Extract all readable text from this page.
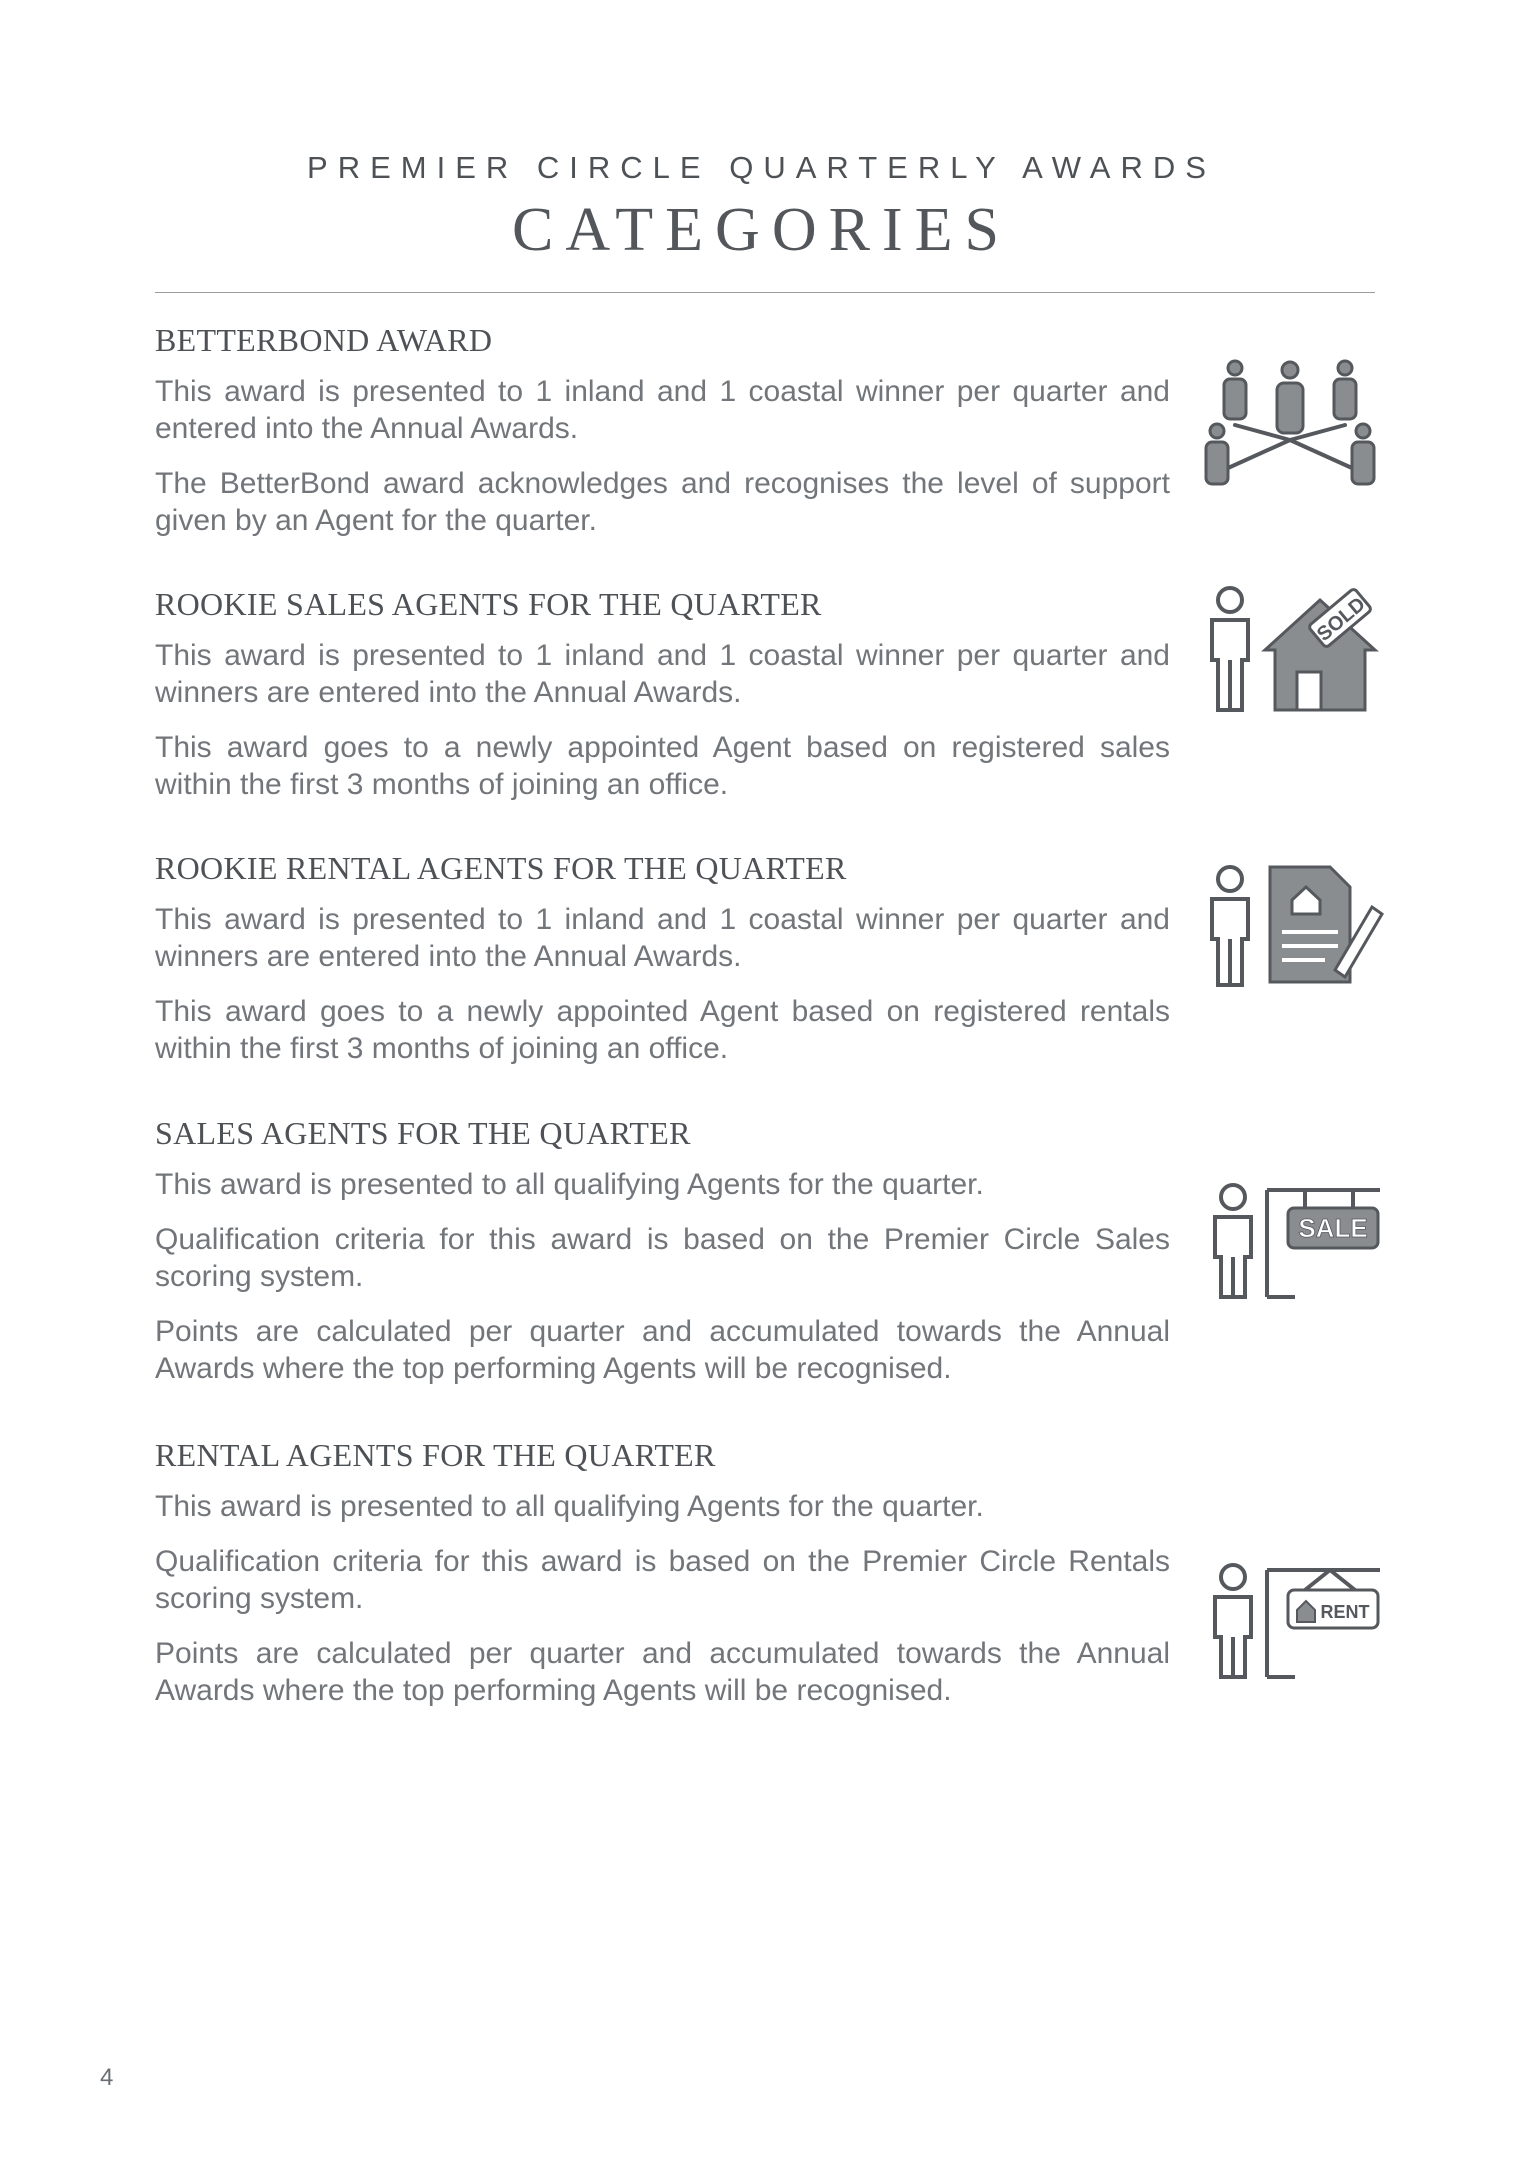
PREMIER CIRCLE QUARTERLY AWARDS
CATEGORIES
BETTERBOND AWARD

This award is presented to 1 inland and 1 coastal winner per quarter and entered into the Annual Awards.

The BetterBond award acknowledges and recognises the level of support given by an Agent for the quarter.

ROOKIE SALES AGENTS FOR THE QUARTER

This award is presented to 1 inland and 1 coastal winner per quarter and winners are entered into the Annual Awards.

This award goes to a newly appointed Agent based on registered sales within the first 3 months of joining an office.

SOLD
ROOKIE RENTAL AGENTS FOR THE QUARTER

This award is presented to 1 inland and 1 coastal winner per quarter and winners are entered into the Annual Awards.

This award goes to a newly appointed Agent based on registered rentals within the first 3 months of joining an office.

SALES AGENTS FOR THE QUARTER

This award is presented to all qualifying Agents for the quarter.

Qualification criteria for this award is based on the Premier Circle Sales scoring system.

Points are calculated per quarter and accumulated towards the Annual Awards where the top performing Agents will be recognised.

SALE
RENTAL AGENTS FOR THE QUARTER

This award is presented to all qualifying Agents for the quarter.

Qualification criteria for this award is based on the Premier Circle Rentals scoring system.

Points are calculated per quarter and accumulated towards the Annual Awards where the top performing Agents will be recognised.

RENT
4
